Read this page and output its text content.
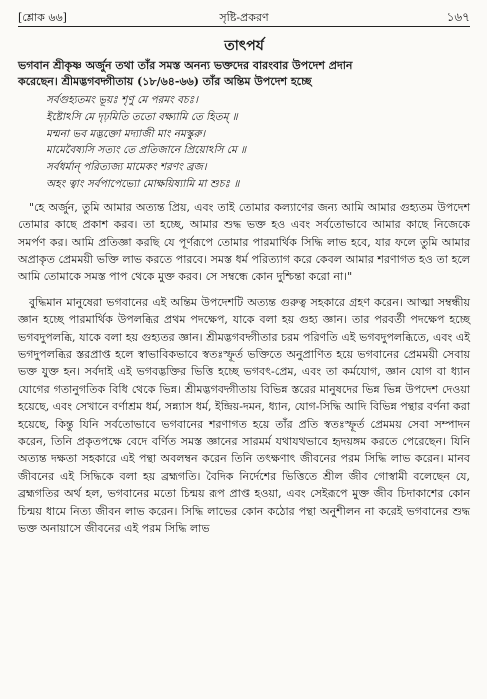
[শ্লোক ৬৬]	সৃষ্টি-প্রকরণ	১৬৭
তাৎপর্য

ভগবান শ্রীকৃষ্ণ অর্জুন তথা তাঁর সমস্ত অনন্য ভক্তদের বারংবার উপদেশ প্রদান

করেছেন। শ্রীমদ্ভগবদ্গীতায় (১৮/৬৪-৬৬) তাঁর অন্তিম উপদেশ হচ্ছে

সর্বগুহ্যতমং ভূয়ঃ শৃণু মে পরমং বচঃ।
ইষ্টোঽসি মে দৃঢ়মিতি ততো বক্ষ্যামি তে হিতম্ ॥
মন্মনা ভব মদ্ভক্তো মদ্যাজী মাং নমস্কুরু।
মামেবৈষ্যসি সত্যং তে প্রতিজানে প্রিয়োঽসি মে ॥
সর্বধর্মান্ পরিত্যজ্য মামেকং শরণং ব্রজ।
অহং ত্বাং সর্বপাপেভ্যো মোক্ষয়িষ্যামি মা শুচঃ ॥
"হে অর্জুন, তুমি আমার অত্যন্ত প্রিয়, এবং তাই তোমার কল্যাণের জন্য আমি আমার গুহ্যতম উপদেশ তোমার কাছে প্রকাশ করব। তা হচ্ছে, আমার শুদ্ধ ভক্ত হও এবং সর্বতোভাবে আমার কাছে নিজেকে সমর্পণ কর। আমি প্রতিজ্ঞা করছি যে পূর্ণরূপে তোমার পারমার্থিক সিদ্ধি লাভ হবে, যার ফলে তুমি আমার অপ্রাকৃত প্রেমময়ী ভক্তি লাভ করতে পারবে। সমস্ত ধর্ম পরিত্যাগ করে কেবল আমার শরণাগত হও তা হলে আমি তোমাকে সমস্ত পাপ থেকে মুক্ত করব। সে সম্বন্ধে কোন দুশ্চিন্তা করো না।"
বুদ্ধিমান মানুষেরা ভগবানের এই অন্তিম উপদেশটি অত্যন্ত গুরুত্ব সহকারে গ্রহণ করেন। আত্মা সম্বন্ধীয় জ্ঞান হচ্ছে পারমার্থিক উপলব্ধির প্রথম পদক্ষেপ, যাকে বলা হয় গুহ্য জ্ঞান। তার পরবর্তী পদক্ষেপ হচ্ছে ভগবদুপলব্ধি, যাকে বলা হয় গুহ্যতর জ্ঞান। শ্রীমদ্ভগবদ্গীতার চরম পরিণতি এই ভগবদুপলব্ধিতে, এবং এই ভগদুপলব্ধির স্তরপ্রাপ্ত হলে স্বাভাবিকভাবে স্বতঃস্ফূর্ত ভক্তিতে অনুপ্রাণিত হয়ে ভগবানের প্রেমময়ী সেবায় ভক্ত যুক্ত হন। সর্বদাই এই ভগবদ্ভক্তির ভিত্তি হচ্ছে ভগবৎ-প্রেম, এবং তা কর্মযোগ, জ্ঞান যোগ বা ধ্যান যোগের গতানুগতিক বিধি থেকে ভিন্ন। শ্রীমদ্ভগবদ্গীতায় বিভিন্ন স্তরের মানুষদের ভিন্ন ভিন্ন উপদেশ দেওয়া হয়েছে, এবং সেখানে বর্ণাশ্রম ধর্ম, সন্ন্যাস ধর্ম, ইন্দ্রিয়-দমন, ধ্যান, যোগ-সিদ্ধি আদি বিভিন্ন পন্থার বর্ণনা করা হয়েছে, কিন্তু যিনি সর্বতোভাবে ভগবানের শরণাগত হয়ে তাঁর প্রতি স্বতঃস্ফূর্ত প্রেমময় সেবা সম্পাদন করেন, তিনি প্রকৃতপক্ষে বেদে বর্ণিত সমস্ত জ্ঞানের সারমর্ম যথাযথভাবে হৃদয়ঙ্গম করতে পেরেছেন। যিনি অত্যন্ত দক্ষতা সহকারে এই পন্থা অবলম্বন করেন তিনি তৎক্ষণাৎ জীবনের পরম সিদ্ধি লাভ করেন। মানব জীবনের এই সিদ্ধিকে বলা হয় ব্রহ্মগতি। বৈদিক নির্দেশের ভিত্তিতে শ্রীল জীব গোস্বামী বলেছেন যে, ব্রহ্মগতির অর্থ হল, ভগবানের মতো চিন্ময় রূপ প্রাপ্ত হওয়া, এবং সেইরূপে মুক্ত জীব চিদাকাশের কোন চিন্ময় ধামে নিত্য জীবন লাভ করেন। সিদ্ধি লাভের কোন কঠোর পন্থা অনুশীলন না করেই ভগবানের শুদ্ধ ভক্ত অনায়াসে জীবনের এই পরম সিদ্ধি লাভ
